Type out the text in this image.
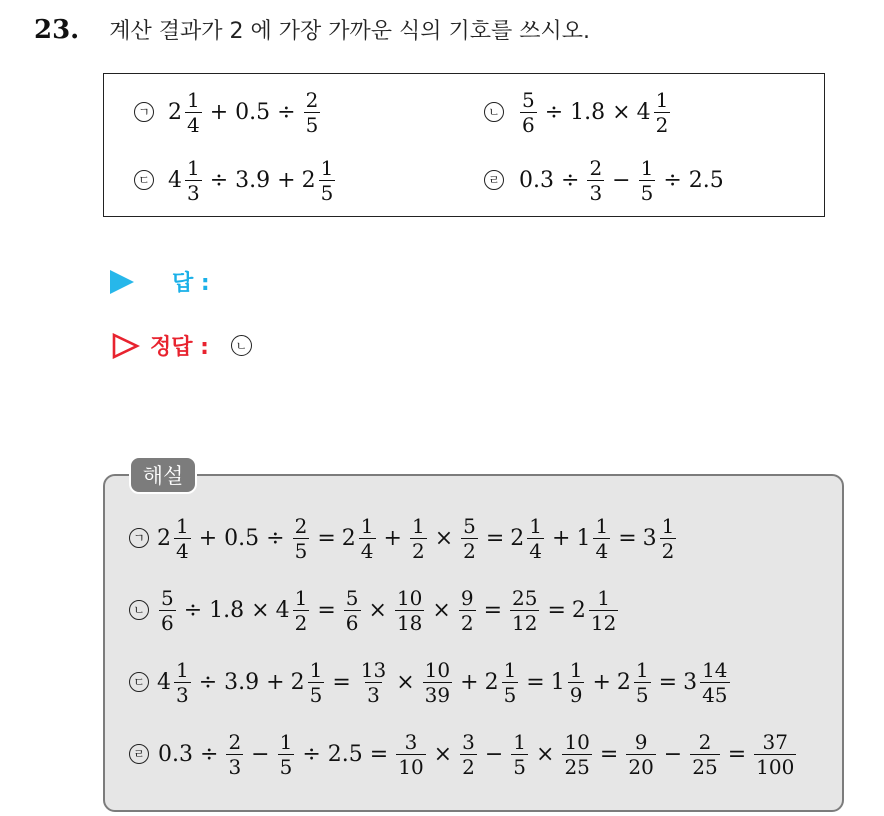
23. 계산 결과가 2 에 가장 가까운 식의 기호를 쓰시오.
ㄱ $2 \frac{1}{4} + 0.5 \div \frac{2}{5}$	ㄴ $\frac{5}{6} \div 1.8 \times 4 \frac{1}{2}$
ㄷ $4 \frac{1}{3} \div 3.9 + 2 \frac{1}{5}$	ㄹ $0.3 \div \frac{2}{3} - \frac{1}{5} \div 2.5$
답 :
정답 :	ㄴ
해설
ㄱ $2 \frac{1}{4} + 0.5 \div \frac{2}{5} = 2 \frac{1}{4} + \frac{1}{2} \times \frac{5}{2} = 2 \frac{1}{4} + 1 \frac{1}{4} = 3 \frac{1}{2}$
ㄴ $\frac{5}{6} \div 1.8 \times 4 \frac{1}{2} = \frac{5}{6} \times \frac{10}{18} \times \frac{9}{2} = \frac{25}{12} = 2 \frac{1}{12}$
ㄷ $4 \frac{1}{3} \div 3.9 + 2 \frac{1}{5} = \frac{13}{3} \times \frac{10}{39} + 2 \frac{1}{5} = 1 \frac{1}{9} + 2 \frac{1}{5} = 3 \frac{14}{45}$
ㄹ $0.3 \div \frac{2}{3} - \frac{1}{5} \div 2.5 = \frac{3}{10} \times \frac{3}{2} - \frac{1}{5} \times \frac{10}{25} = \frac{9}{20} - \frac{2}{25} = \frac{37}{100}$
